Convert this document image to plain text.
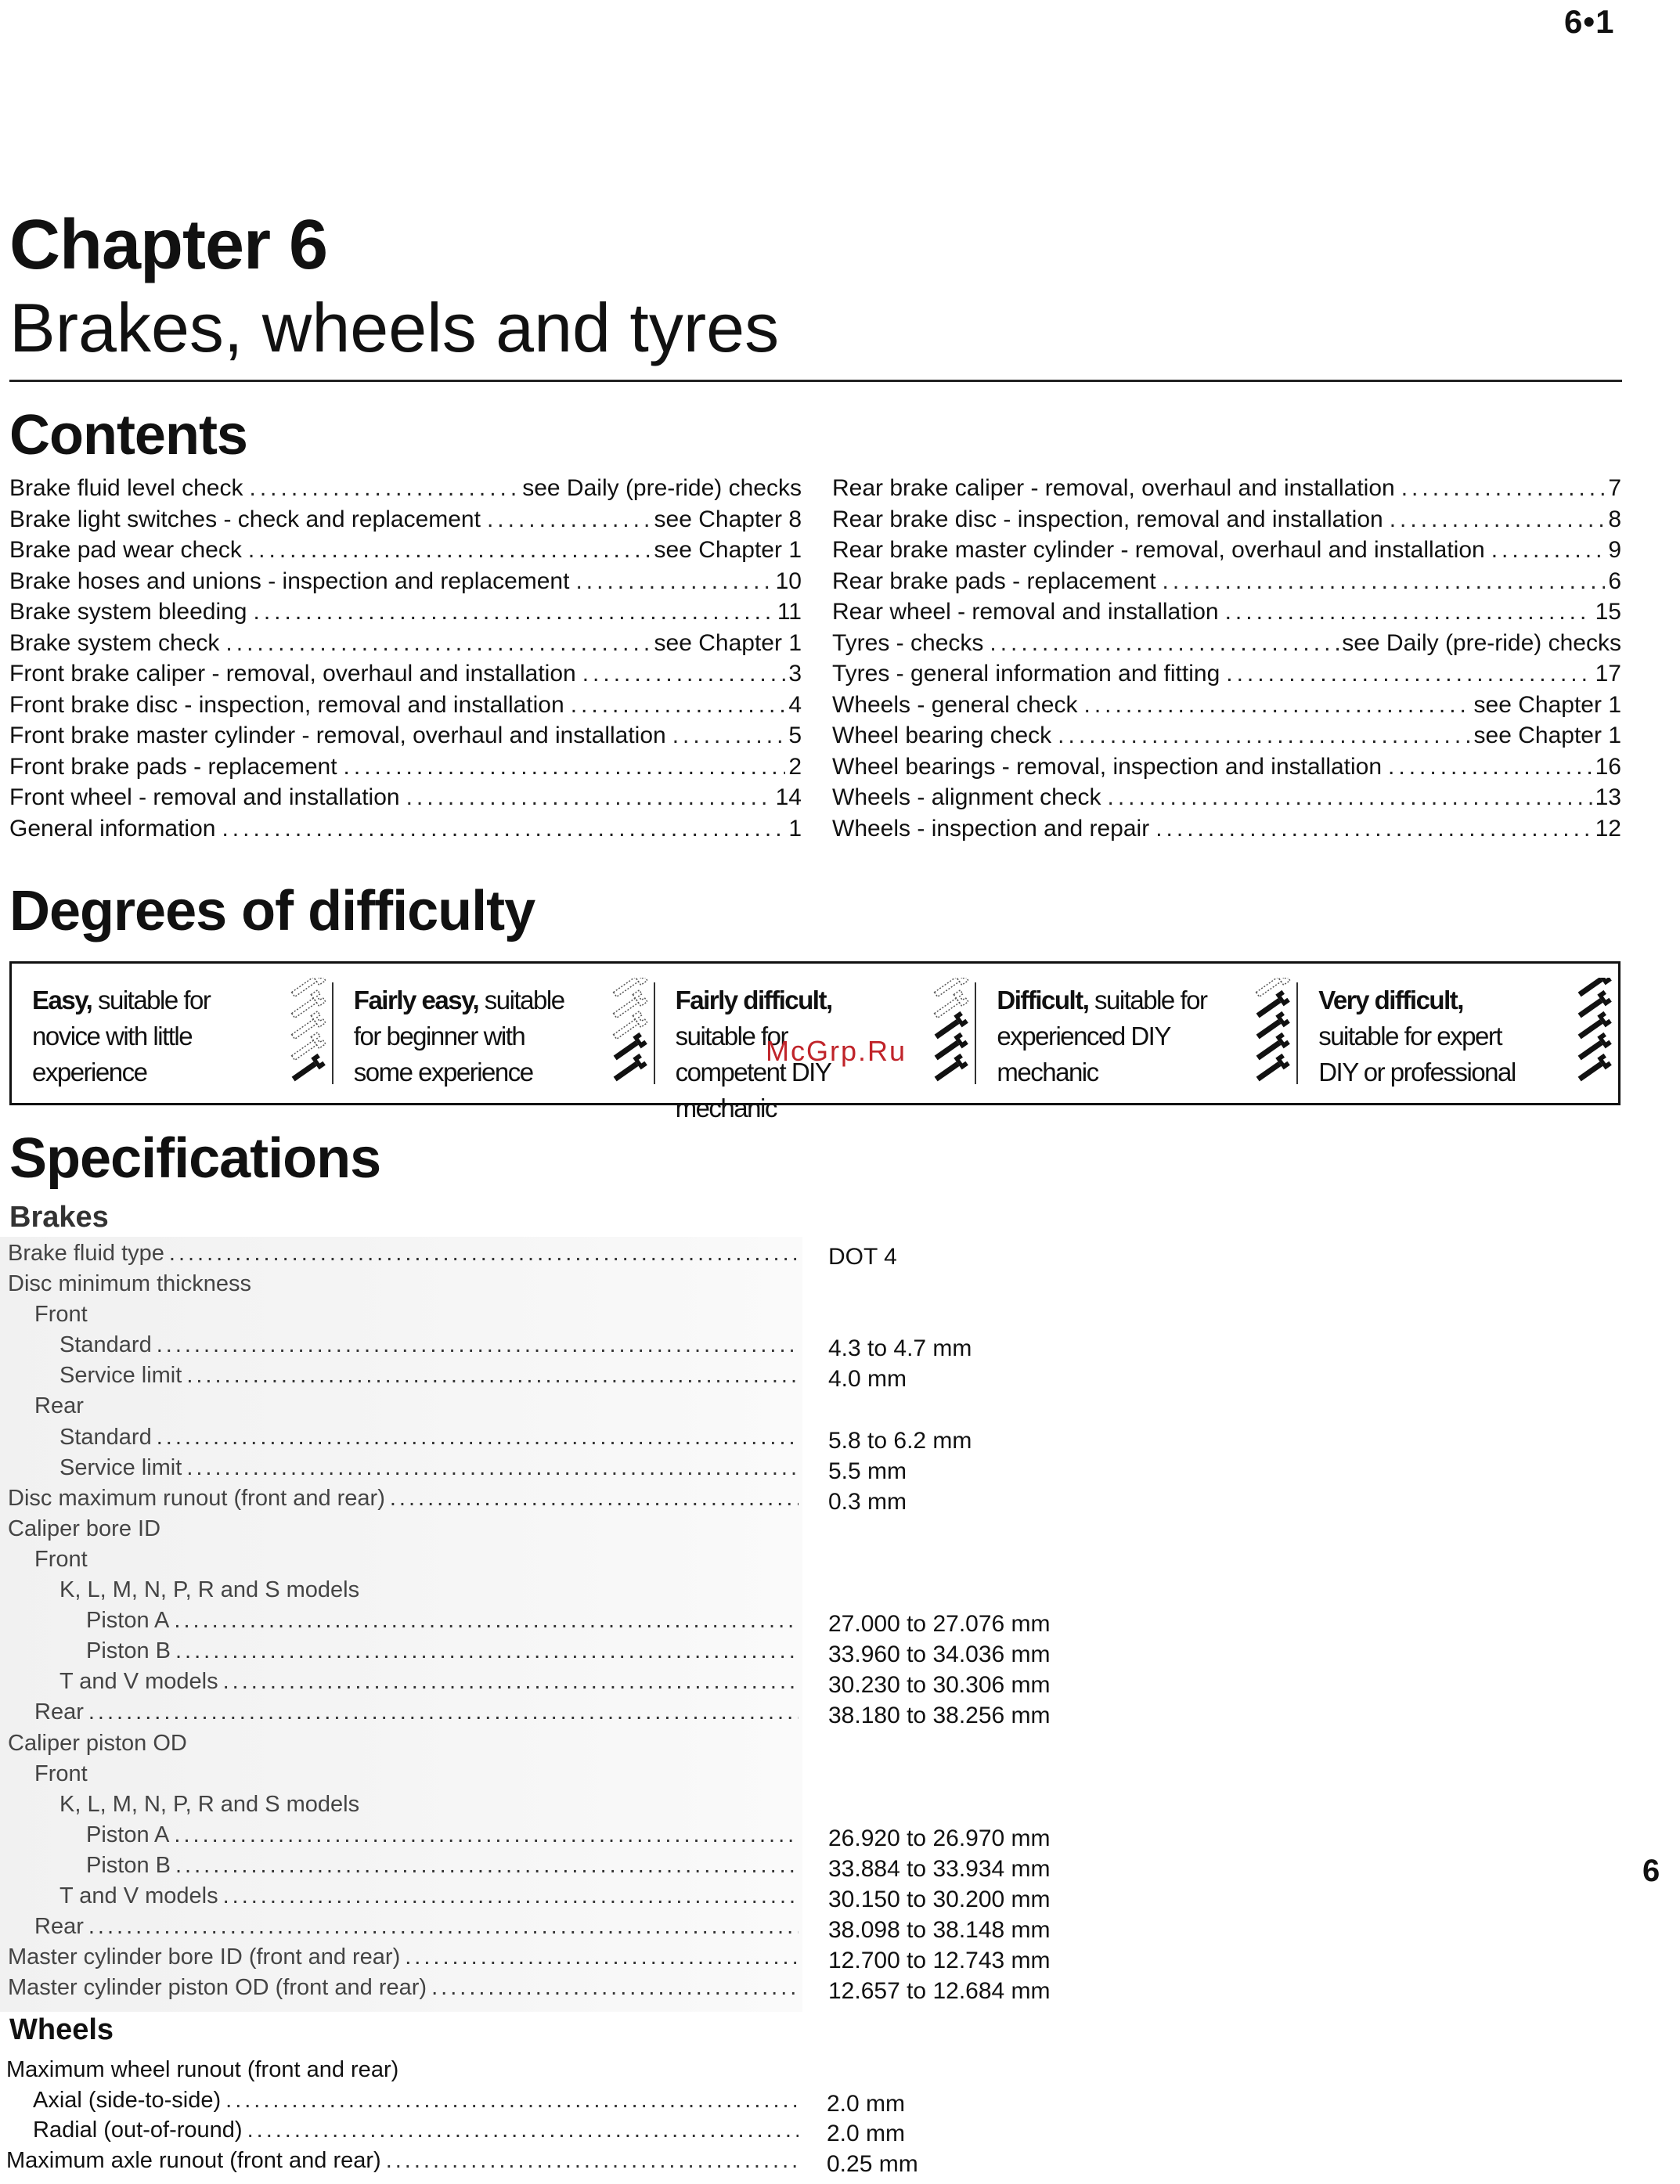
6•1
Chapter 6
Brakes, wheels and tyres
Contents
Brake fluid level check .....	see Daily (pre-ride) checks
Brake light switches - check and replacement .....	see Chapter 8
Brake pad wear check .....	see Chapter 1
Brake hoses and unions - inspection and replacement .....	10
Brake system bleeding .....	11
Brake system check .....	see Chapter 1
Front brake caliper - removal, overhaul and installation .....	3
Front brake disc - inspection, removal and installation .....	4
Front brake master cylinder - removal, overhaul and installation .....	5
Front brake pads - replacement .....	2
Front wheel - removal and installation .....	14
General information .....	1
Rear brake caliper - removal, overhaul and installation .....	7
Rear brake disc - inspection, removal and installation .....	8
Rear brake master cylinder - removal, overhaul and installation .....	9
Rear brake pads - replacement .....	6
Rear wheel - removal and installation .....	15
Tyres - checks .....	see Daily (pre-ride) checks
Tyres - general information and fitting .....	17
Wheels - general check .....	see Chapter 1
Wheel bearing check .....	see Chapter 1
Wheel bearings - removal, inspection and installation .....	16
Wheels - alignment check .....	13
Wheels - inspection and repair .....	12
Degrees of difficulty
Easy, suitable for novice with little experience
Fairly easy, suitable for beginner with some experience
Fairly difficult, suitable for competent DIY mechanic
Difficult, suitable for experienced DIY mechanic
Very difficult, suitable for expert DIY or professional
McGrp.Ru
Specifications
Brakes
Brake fluid type .....	DOT 4
Disc minimum thickness
Front
Standard .....	4.3 to 4.7 mm
Service limit .....	4.0 mm
Rear
Standard .....	5.8 to 6.2 mm
Service limit .....	5.5 mm
Disc maximum runout (front and rear) .....	0.3 mm
Caliper bore ID
Front
K, L, M, N, P, R and S models
Piston A .....	27.000 to 27.076 mm
Piston B .....	33.960 to 34.036 mm
T and V models .....	30.230 to 30.306 mm
Rear .....	38.180 to 38.256 mm
Caliper piston OD
Front
K, L, M, N, P, R and S models
Piston A .....	26.920 to 26.970 mm
Piston B .....	33.884 to 33.934 mm
T and V models .....	30.150 to 30.200 mm
Rear .....	38.098 to 38.148 mm
Master cylinder bore ID (front and rear) .....	12.700 to 12.743 mm
Master cylinder piston OD (front and rear) .....	12.657 to 12.684 mm
Wheels
Maximum wheel runout (front and rear)
Axial (side-to-side) .....	2.0 mm
Radial (out-of-round) .....	2.0 mm
Maximum axle runout (front and rear) .....	0.25 mm
6
